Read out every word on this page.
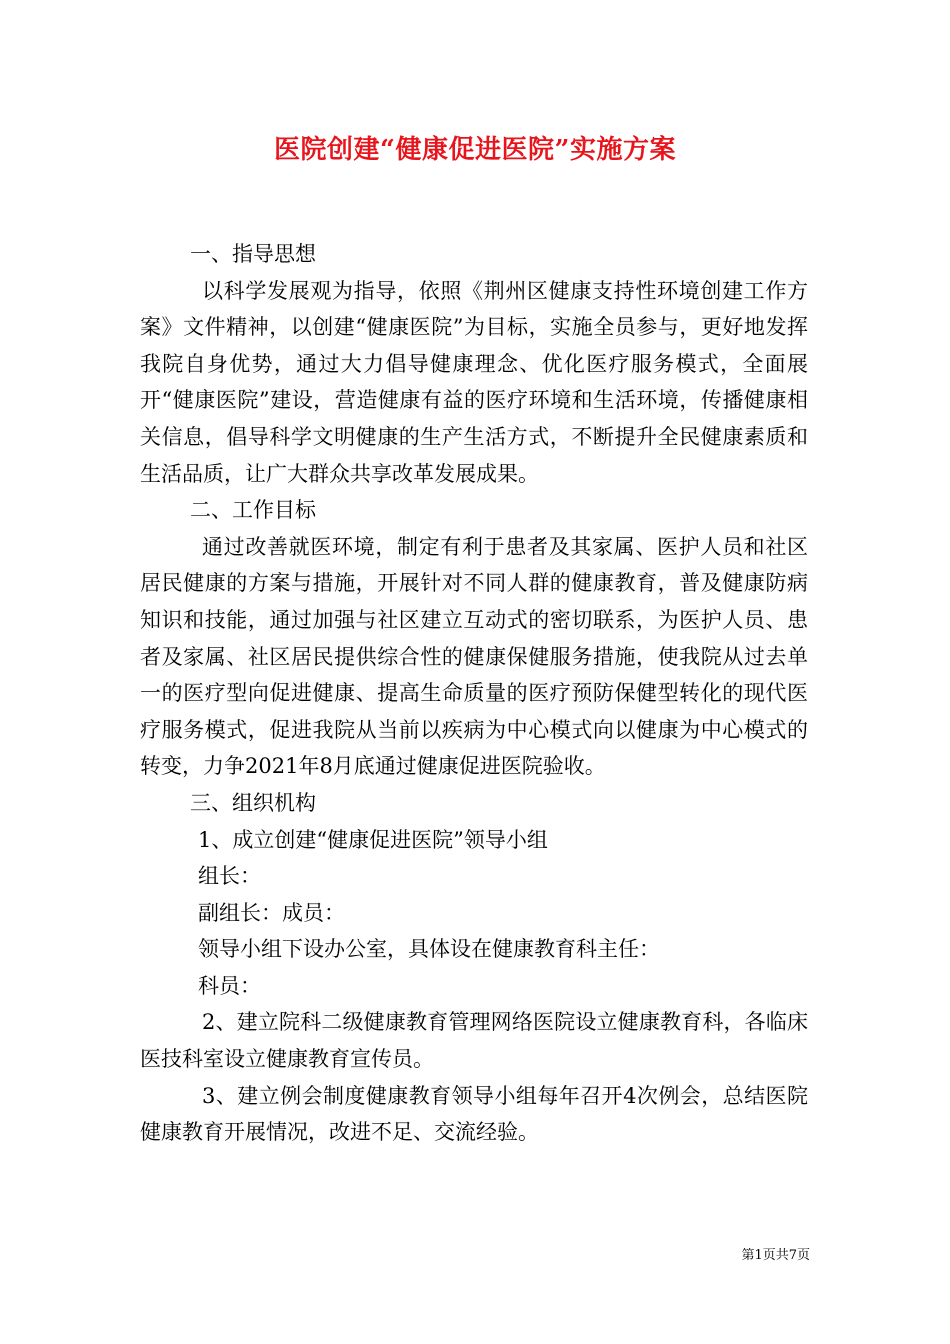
医院创建“健康促进医院”实施方案

一、指导思想

以科学发展观为指导，依照《荆州区健康支持性环境创建工作方案》文件精神，以创建“健康医院”为目标，实施全员参与，更好地发挥我院自身优势，通过大力倡导健康理念、优化医疗服务模式，全面展开“健康医院”建设，营造健康有益的医疗环境和生活环境，传播健康相关信息，倡导科学文明健康的生产生活方式，不断提升全民健康素质和生活品质，让广大群众共享改革发展成果。

二、工作目标

通过改善就医环境，制定有利于患者及其家属、医护人员和社区居民健康的方案与措施，开展针对不同人群的健康教育，普及健康防病知识和技能，通过加强与社区建立互动式的密切联系，为医护人员、患者及家属、社区居民提供综合性的健康保健服务措施，使我院从过去单一的医疗型向促进健康、提高生命质量的医疗预防保健型转化的现代医疗服务模式，促进我院从当前以疾病为中心模式向以健康为中心模式的转变，力争2021年8月底通过健康促进医院验收。

三、组织机构

1、成立创建“健康促进医院”领导小组

组长：

副组长：成员：

领导小组下设办公室，具体设在健康教育科主任：

科员：

2、建立院科二级健康教育管理网络医院设立健康教育科，各临床医技科室设立健康教育宣传员。

3、建立例会制度健康教育领导小组每年召开4次例会，总结医院健康教育开展情况，改进不足、交流经验。

第1页共7页
